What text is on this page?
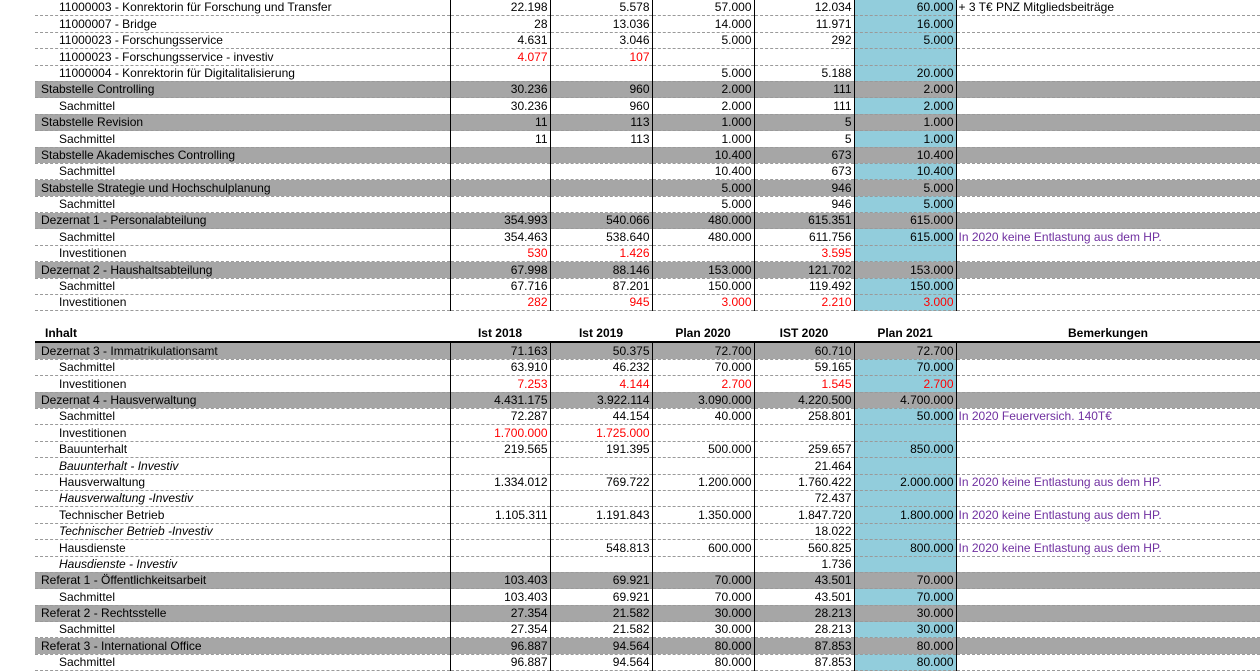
11000003 - Konrektorin für Forschung und Transfer	22.198	5.578	57.000	12.034	60.000	+ 3 T€ PNZ Mitgliedsbeiträge
11000007 - Bridge	28	13.036	14.000	11.971	16.000	
11000023 - Forschungsservice	4.631	3.046	5.000	292	5.000	
11000023 - Forschungsservice - investiv	4.077	107				
11000004 - Konrektorin für Digitalitalisierung			5.000	5.188	20.000	
Stabstelle Controlling	30.236	960	2.000	111	2.000	
Sachmittel	30.236	960	2.000	111	2.000	
Stabstelle Revision	11	113	1.000	5	1.000	
Sachmittel	11	113	1.000	5	1.000	
Stabstelle Akademisches Controlling			10.400	673	10.400	
Sachmittel			10.400	673	10.400	
Stabstelle Strategie und Hochschulplanung			5.000	946	5.000	
Sachmittel			5.000	946	5.000	
Dezernat 1 - Personalabteilung	354.993	540.066	480.000	615.351	615.000	
Sachmittel	354.463	538.640	480.000	611.756	615.000	In 2020 keine Entlastung aus dem HP.
Investitionen	530	1.426		3.595		
Dezernat 2 - Haushaltsabteilung	67.998	88.146	153.000	121.702	153.000	
Sachmittel	67.716	87.201	150.000	119.492	150.000	
Investitionen	282	945	3.000	2.210	3.000	
Inhalt	Ist 2018	Ist 2019	Plan 2020	IST 2020	Plan 2021	Bemerkungen
Dezernat 3 - Immatrikulationsamt	71.163	50.375	72.700	60.710	72.700	
Sachmittel	63.910	46.232	70.000	59.165	70.000	
Investitionen	7.253	4.144	2.700	1.545	2.700	
Dezernat 4 - Hausverwaltung	4.431.175	3.922.114	3.090.000	4.220.500	4.700.000	
Sachmittel	72.287	44.154	40.000	258.801	50.000	In 2020 Feuerversich. 140T€
Investitionen	1.700.000	1.725.000				
Bauunterhalt	219.565	191.395	500.000	259.657	850.000	
Bauunterhalt - Investiv				21.464		
Hausverwaltung	1.334.012	769.722	1.200.000	1.760.422	2.000.000	In 2020 keine Entlastung aus dem HP.
Hausverwaltung -Investiv				72.437		
Technischer Betrieb	1.105.311	1.191.843	1.350.000	1.847.720	1.800.000	In 2020 keine Entlastung aus dem HP.
Technischer Betrieb -Investiv				18.022		
Hausdienste		548.813	600.000	560.825	800.000	In 2020 keine Entlastung aus dem HP.
Hausdienste - Investiv				1.736		
Referat 1 - Öffentlichkeitsarbeit	103.403	69.921	70.000	43.501	70.000	
Sachmittel	103.403	69.921	70.000	43.501	70.000	
Referat 2 - Rechtsstelle	27.354	21.582	30.000	28.213	30.000	
Sachmittel	27.354	21.582	30.000	28.213	30.000	
Referat 3 - International Office	96.887	94.564	80.000	87.853	80.000	
Sachmittel	96.887	94.564	80.000	87.853	80.000	
